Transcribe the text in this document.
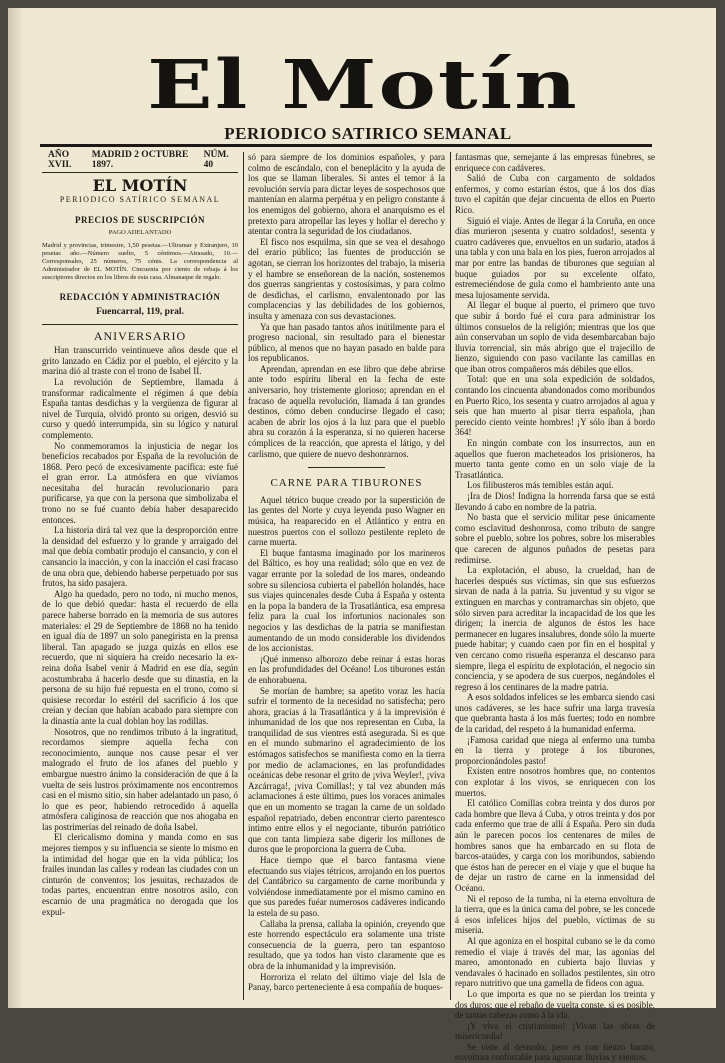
El Motín
PERIODICO SATIRICO SEMANAL
AÑO XVII.
MADRID 2 OCTUBRE 1897.
NÚM. 40
EL MOTÍN
PERIODICO SATÍRICO SEMANAL
PRECIOS DE SUSCRIPCIÓN
PAGO ADELANTADO
Madrid y provincias, trimestre, 1,50 pesetas.—Ultramar y Extranjero, 10 pesetas año.—Número suelto, 5 céntimos.—Atrasado, 10.—Corresponsales, 25 números, 75 cénts. La correspondencia al Administrador de EL MOTÍN. Cincuenta por ciento de rebaja á los suscriptores directos en los libros de esta casa. Almanaque de regalo.
REDACCIÓN Y ADMINISTRACIÓN
Fuencarral, 119, pral.
ANIVERSARIO

Han transcurrido veintinueve años desde que el grito lanzado en Cádiz por el pueblo, el ejército y la marina dió al traste con el trono de Isabel II.

La revolución de Septiembre, llamada á transformar radicalmente el régimen á que debía España tantas desdichas y la vergüenza de figurar al nivel de Turquía, olvidó pronto su origen, desvió su curso y quedó interrumpida, sin su lógico y natural complemento.

No conmemoramos la injusticia de negar los beneficios recabados por España de la revolución de 1868. Pero pecó de excesivamente pacífica: este fué el gran error. La atmósfera en que vivíamos necesitaba del huracán revolucionario para purificarse, ya que con la persona que simbolizaba el trono no se fué cuanto debía haber desaparecido entonces.

La historia dirá tal vez que la desproporción entre la densidad del esfuerzo y lo grande y arraigado del mal que debía combatir produjo el cansancio, y con el cansancio la inacción, y con la inacción el casi fracaso de una obra que, debiendo haberse perpetuado por sus frutos, ha sido pasajera.

Algo ha quedado, pero no todo, ni mucho menos, de lo que debió quedar: hasta el recuerdo de ella parece haberse borrado en la memoria de sus autores materiales: el 29 de Septiembre de 1868 no ha tenido en igual día de 1897 un solo panegirista en la prensa liberal. Tan apagado se juzga quizás en ellos ese recuerdo, que ni siquiera ha creído necesario la ex-reina doña Isabel venir á Madrid en ese día, según acostumbraba á hacerlo desde que su dinastía, en la persona de su hijo fué repuesta en el trono, como si quisiese recordar lo estéril del sacrificio á los que creían y decían que habían acabado para siempre con la dinastía ante la cual doblan hoy las rodillas.

Nosotros, que no rendimos tributo á la ingratitud, recordamos siempre aquella fecha con reconocimiento, aunque nos cause pesar el ver malogrado el fruto de los afanes del pueblo y embargue nuestro ánimo la consideración de que á la vuelta de seis lustros próximamente nos encontremos casi en el mismo sitio, sin haber adelantado un paso, ó lo que es peor, habiendo retrocedido á aquella atmósfera caliginosa de reacción que nos ahogaba en las postrimerías del reinado de doña Isabel.

El clericalismo domina y manda como en sus mejores tiempos y su influencia se siente lo mismo en la intimidad del hogar que en la vida pública; los frailes inundan las calles y rodean las ciudades con un cinturón de conventos; los jesuitas, rechazados de todas partes, encuentran entre nosotros asilo, con escarnio de una pragmática no derogada que los expul-

só para siempre de los dominios españoles, y para colmo de escándalo, con el beneplácito y la ayuda de los que se llaman liberales. Si antes el temor á la revolución servía para dictar leyes de sospechosos que mantenían en alarma perpétua y en peligro constante á los enemigos del gobierno, ahora el anarquismo es el pretexto para atropellar las leyes y hollar el derecho y atentar contra la seguridad de los ciudadanos.

El fisco nos esquilma, sin que se vea el desahogo del erario público; las fuentes de producción se agotan, se cierran los horizontes del trabajo, la miseria y el hambre se enseñorean de la nación, sostenemos dos guerras sangrientas y costosísimas, y para colmo de desdichas, el carlismo, envalentonado por las complacencias y las debilidades de los gobiernos, insulta y amenaza con sus devastaciones.

Ya que han pasado tantos años inútilmente para el progreso nacional, sin resultado para el bienestar público, al menos que no hayan pasado en balde para los republicanos.

Aprendan, aprendan en ese libro que debe abrirse ante todo espíritu liberal en la fecha de este aniversario, hoy tristemente glorioso; aprendan en el fracaso de aquella revolución, llamada á tan grandes destinos, cómo deben conducirse llegado el caso; acaben de abrir los ojos á la luz para que el pueblo abra su corazón á la esperanza, si no quieren hacerse cómplices de la reacción, que apresta el látigo, y del carlismo, que quiere de nuevo deshonrarnos.

CARNE PARA TIBURONES

Aquel tétrico buque creado por la superstición de las gentes del Norte y cuya leyenda puso Wagner en música, ha reaparecido en el Atlántico y entra en nuestros puertos con el sollozo pestilente repleto de carne muerta.

El buque fantasma imaginado por los marineros del Báltico, es hoy una realidad; sólo que en vez de vagar errante por la soledad de los mares, ondeando sobre su silenciosa cubierta el pabellón holandés, hace sus viajes quincenales desde Cuba á España y ostenta en la popa la bandera de la Trasatlántica, esa empresa feliz para la cual los infortunios nacionales son negocios y las desdichas de la patria se manifiestan aumentando de un modo considerable los dividendos de los accionistas.

¡Qué inmenso alborozo debe reinar á estas horas en las profundidades del Océano! Los tiburones están de enhorabuena.

Se morían de hambre; sa apetito voraz les hacía sufrir el tormento de la necesidad no satisfecha; pero ahora, gracias á la Trasatlántica y á la imprevisión é inhumanidad de los que nos representan en Cuba, la tranquilidad de sus vientres está asegurada. Si es que en el mundo submarino el agradecimiento de los estómagos satisfechos se manifiesta como en la tierra por medio de aclamaciones, en las profundidades oceánicas debe resonar el grito de ¡viva Weyler!, ¡viva Azcárraga!, ¡viva Comillas!; y tal vez abunden más aclamaciones á este último, pues los voraces animales que en un momento se tragan la carne de un soldado español repatriado, deben encontrar cierto parentesco íntimo entre ellos y el negociante, tiburón patriótico que con tanta limpieza sabe digerir los millones de duros que le proporciona la guerra de Cuba.

Hace tiempo que el barco fantasma viene efectuando sus viajes tétricos, arrojando en los puertos del Cantábrico su cargamento de carne moribunda y volviéndose inmediatamente por el mismo camino en que sus paredes fuéar numerosos cadáveres indicando la estela de su paso.

Callaba la prensa, callaba la opinión, creyendo que este horrendo espectáculo era solamente una triste consecuencia de la guerra, pero tan espantoso resultado, que ya todos han visto claramente que es obra de la inhumanidad y la imprevisión.

Horroriza el relato del último viaje del Isla de Panay, barco perteneciente á esa compañía de buques-

fantasmas que, semejante á las empresas fúnebres, se enriquece con cadáveres.

Salió de Cuba con cargamento de soldados enfermos, y como estarían éstos, que á los dos días tuvo el capitán que dejar cincuenta de ellos en Puerto Rico.

Siguió el viaje. Antes de llegar á la Coruña, en once días murieron ¡sesenta y cuatro soldados!, sesenta y cuatro cadáveres que, envueltos en un sudario, atados á una tabla y con una bala en los pies, fueron arrojados al mar por entre las bandas de tiburones que seguían al buque guiados por su excelente olfato, estremeciéndose de gula como el hambriento ante una mesa lujosamente servida.

Al llegar el buque al puerto, el primero que tuvo que subir á bordo fué el cura para administrar los últimos consuelos de la religión; mientras que los que aún conservaban un soplo de vida desembarcaban bajo lluvia torrencial, sin más abrigo que el trajecillo de lienzo, siguiendo con paso vacilante las camillas en que iban otros compañeros más débiles que ellos.

Total: que en una sola expedición de soldados, contando los cincuenta abandonados como moribundos en Puerto Rico, los sesenta y cuatro arrojados al agua y seis que han muerto al pisar tierra española, ¡han perecido ciento veinte hombres! ¡Y sólo iban á bordo 364!

En ningún combate con los insurrectos, aun en aquellos que fueron macheteados los prisioneros, ha muerto tanta gente como en un solo viaje de la Trasatlántica.

Los filibusteros más temibles están aquí.

¡Ira de Dios! Indigna la horrenda farsa que se está llevando á cabo en nombre de la patria.

No basta que el servicio militar pese únicamente como esclavitud deshonrosa, como tributo de sangre sobre el pueblo, sobre los pobres, sobre los miserables que carecen de algunos puñados de pesetas para redimirse.

La explotación, el abuso, la crueldad, han de hacerles después sus víctimas, sin que sus esfuerzos sirvan de nada á la patria. Su juventud y su vigor se extinguen en marchas y contramarchas sin objeto, que sólo sirven para acreditar la incapacidad de los que les dirigen; la inercia de algunos de éstos les hace permanecer en lugares insalubres, donde sólo la muerte puede habitar; y cuando caen por fin en el hospital y ven cercano como risueña esperanza el descanso para siempre, llega el espíritu de explotación, el negocio sin conciencia, y se apodera de sus cuerpos, negándoles el regreso á los centinares de la madre patria.

A esos soldados infelices se les embarca siendo casi unos cadáveres, se les hace sufrir una larga travesía que quebranta hasta á los más fuertes; todo en nombre de la caridad, del respeto á la humanidad enferma.

¡Famosa caridad que niega al enfermo una tumba en la tierra y protege á los tiburones, proporcionándoles pasto!

Existen entre nosotros hombres que, no contentos con explotar á los vivos, se enriquecen con los muertos.

El católico Comillas cobra treinta y dos duros por cada hombre que lleva á Cuba, y otros treinta y dos por cada enfermo que trae de allí á España. Pero sin duda aún le parecen pocos los centenares de miles de hombres sanos que ha embarcado en su flota de barcos-ataúdes, y carga con los moribundos, sabiendo que éstos han de perecer en el viaje y que el buque ha de dejar un rastro de carne en la inmensidad del Océano.

Ni el reposo de la tumba, ni la eterna envoltura de la tierra, que es la única cama del pobre, se les concede á esos infelices hijos del pueblo, víctimas de su miseria.

Al que agoniza en el hospital cubano se le da como remedio el viaje á través del mar, las agonías del mareo, amontonado en cubierta bajo lluvias y vendavales ó hacinado en sollados pestilentes, sin otro reparo nutritivo que una gamella de fideos con agua.

Lo que importa es que no se pierdan los treinta y dos duros; que el rebaño de vuelta conste, si es posible, de tantas cabezas como á la ida.

¡Y viva el cristianismo! ¡Vivan las obras de misericordia!

Se viste al desnudo; pero es con lienzo barato, envoltura confortable para aguantar lluvias y vientos.
